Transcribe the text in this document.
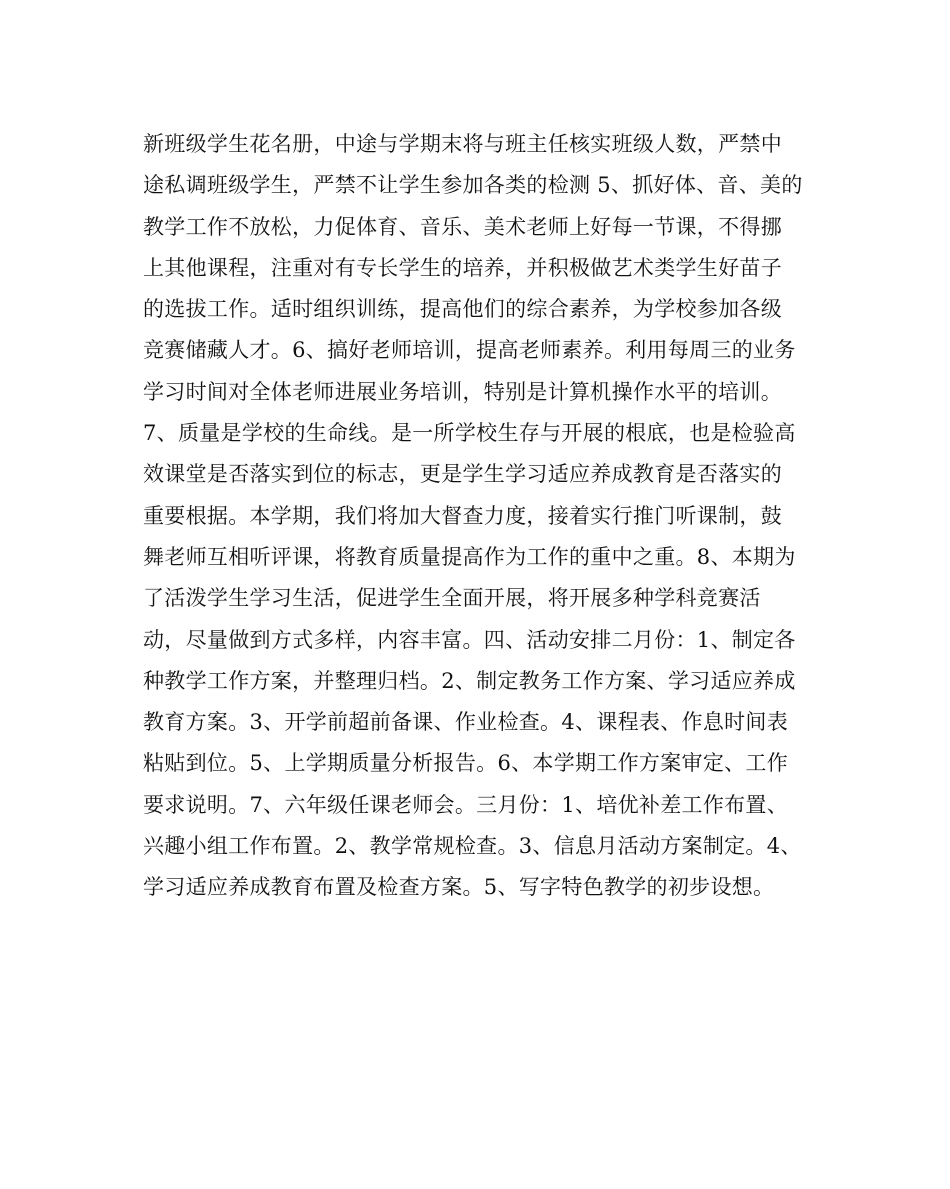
新班级学生花名册，中途与学期末将与班主任核实班级人数，严禁中
途私调班级学生，严禁不让学生参加各类的检测 5、抓好体、音、美的
教学工作不放松，力促体育、音乐、美术老师上好每一节课，不得挪
上其他课程，注重对有专长学生的培养，并积极做艺术类学生好苗子
的选拔工作。适时组织训练，提高他们的综合素养，为学校参加各级
竞赛储藏人才。6、搞好老师培训，提高老师素养。利用每周三的业务
学习时间对全体老师进展业务培训，特别是计算机操作水平的培训。
7、质量是学校的生命线。是一所学校生存与开展的根底，也是检验高
效课堂是否落实到位的标志，更是学生学习适应养成教育是否落实的
重要根据。本学期，我们将加大督查力度，接着实行推门听课制，鼓
舞老师互相听评课，将教育质量提高作为工作的重中之重。8、本期为
了活泼学生学习生活，促进学生全面开展，将开展多种学科竞赛活
动，尽量做到方式多样，内容丰富。四、活动安排二月份：1、制定各
种教学工作方案，并整理归档。2、制定教务工作方案、学习适应养成
教育方案。3、开学前超前备课、作业检查。4、课程表、作息时间表
粘贴到位。5、上学期质量分析报告。6、本学期工作方案审定、工作
要求说明。7、六年级任课老师会。三月份：1、培优补差工作布置、
兴趣小组工作布置。2、教学常规检查。3、信息月活动方案制定。4、
学习适应养成教育布置及检查方案。5、写字特色教学的初步设想。
